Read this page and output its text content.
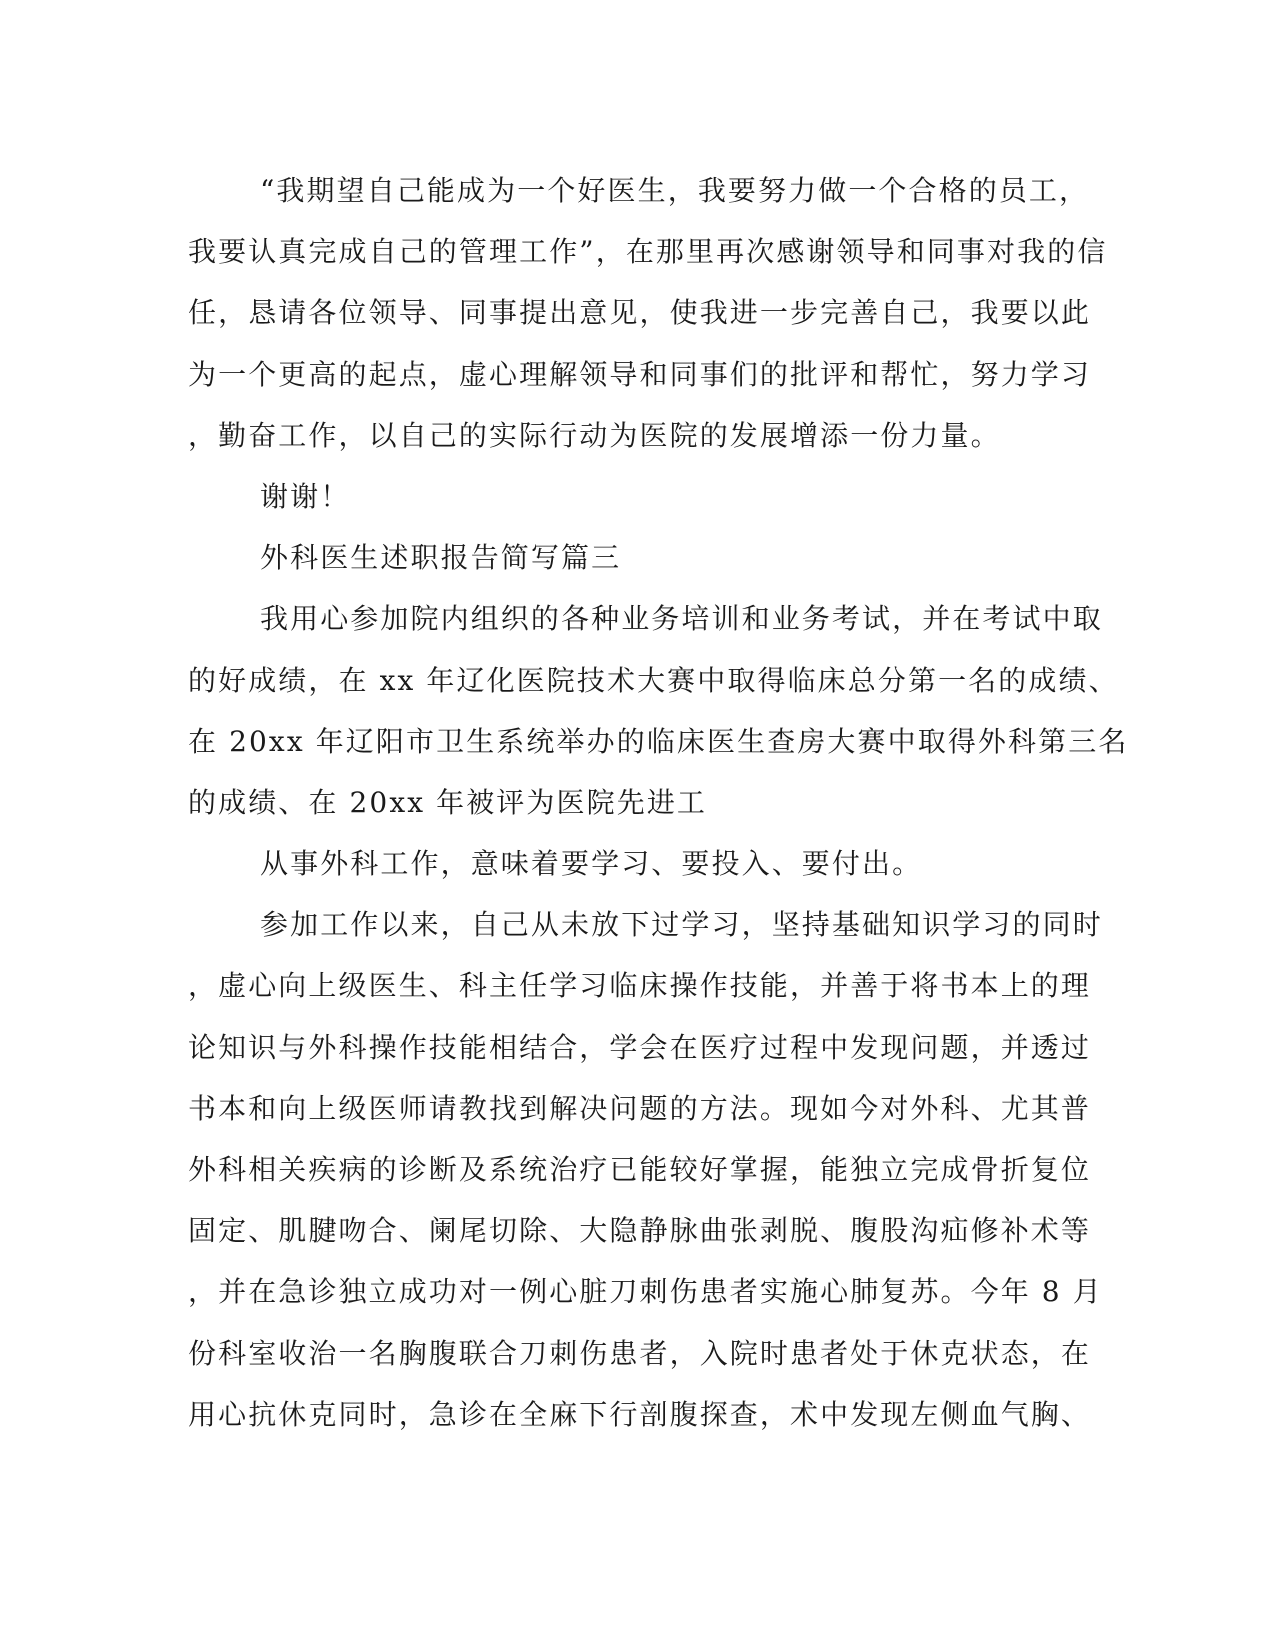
“我期望自己能成为一个好医生，我要努力做一个合格的员工，
我要认真完成自己的管理工作”，在那里再次感谢领导和同事对我的信
任，恳请各位领导、同事提出意见，使我进一步完善自己，我要以此
为一个更高的起点，虚心理解领导和同事们的批评和帮忙，努力学习
，勤奋工作，以自己的实际行动为医院的发展增添一份力量。
谢谢！
外科医生述职报告简写篇三
我用心参加院内组织的各种业务培训和业务考试，并在考试中取
的好成绩，在 xx 年辽化医院技术大赛中取得临床总分第一名的成绩、
在 20xx 年辽阳市卫生系统举办的临床医生查房大赛中取得外科第三名
的成绩、在 20xx 年被评为医院先进工
从事外科工作，意味着要学习、要投入、要付出。
参加工作以来，自己从未放下过学习，坚持基础知识学习的同时
，虚心向上级医生、科主任学习临床操作技能，并善于将书本上的理
论知识与外科操作技能相结合，学会在医疗过程中发现问题，并透过
书本和向上级医师请教找到解决问题的方法。现如今对外科、尤其普
外科相关疾病的诊断及系统治疗已能较好掌握，能独立完成骨折复位
固定、肌腱吻合、阑尾切除、大隐静脉曲张剥脱、腹股沟疝修补术等
，并在急诊独立成功对一例心脏刀刺伤患者实施心肺复苏。今年 8 月
份科室收治一名胸腹联合刀刺伤患者，入院时患者处于休克状态，在
用心抗休克同时，急诊在全麻下行剖腹探查，术中发现左侧血气胸、
